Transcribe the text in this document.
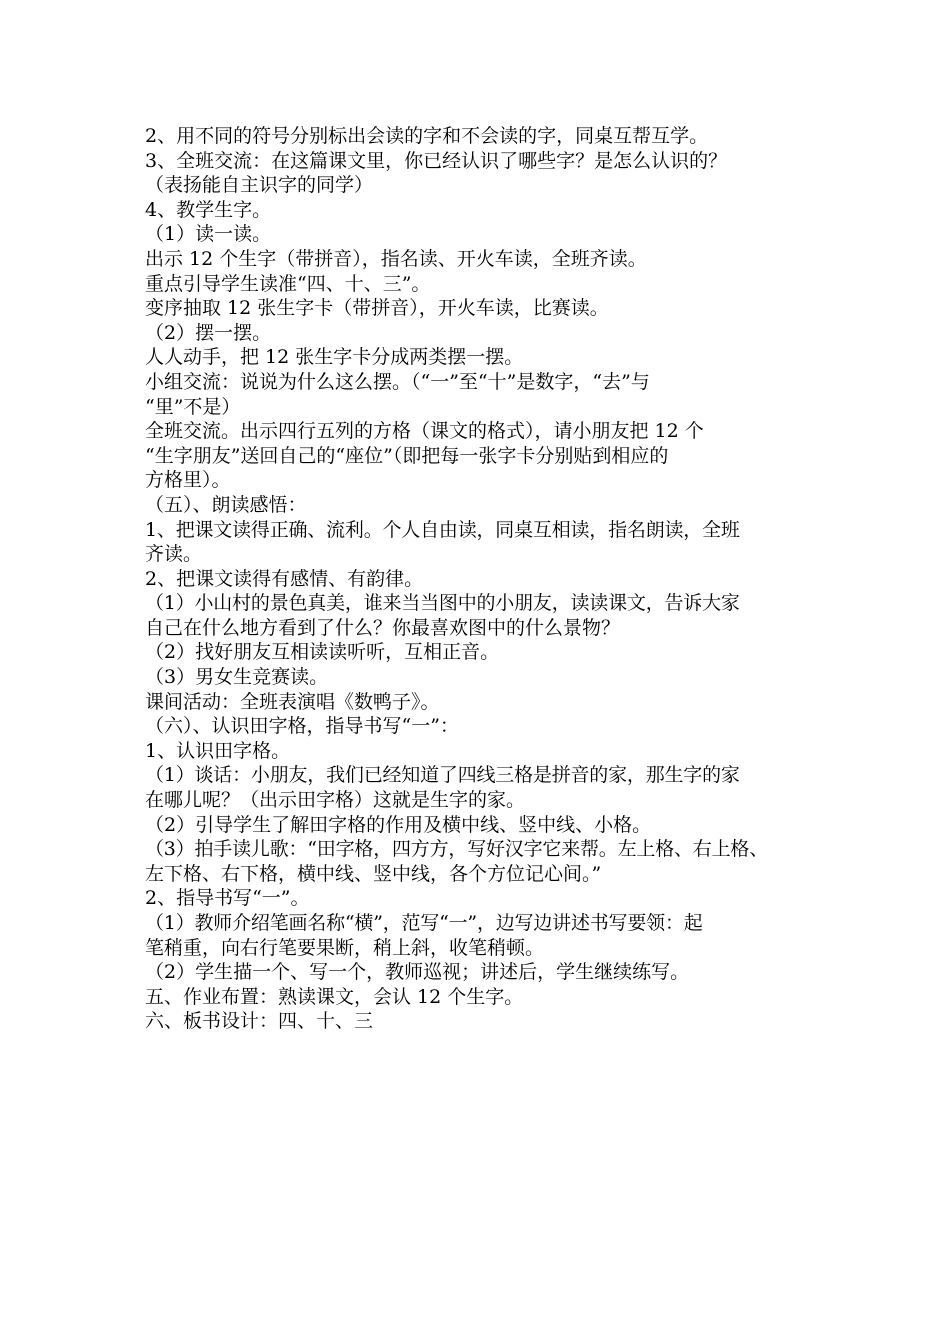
2、用不同的符号分别标出会读的字和不会读的字，同桌互帮互学。
3、全班交流：在这篇课文里，你已经认识了哪些字？是怎么认识的？
（表扬能自主识字的同学）
4、教学生字。
（1）读一读。
出示 12 个生字（带拼音），指名读、开火车读，全班齐读。
重点引导学生读准“四、十、三”。
变序抽取 12 张生字卡（带拼音），开火车读，比赛读。
（2）摆一摆。
人人动手，把 12 张生字卡分成两类摆一摆。
小组交流：说说为什么这么摆。（“一”至“十”是数字，“去”与
“里”不是）
全班交流。出示四行五列的方格（课文的格式），请小朋友把 12 个
“生字朋友”送回自己的“座位”（即把每一张字卡分别贴到相应的
方格里）。
（五）、朗读感悟：
1、把课文读得正确、流利。个人自由读，同桌互相读，指名朗读，全班
齐读。
2、把课文读得有感情、有韵律。
（1）小山村的景色真美，谁来当当图中的小朋友，读读课文，告诉大家
自己在什么地方看到了什么？你最喜欢图中的什么景物？
（2）找好朋友互相读读听听，互相正音。
（3）男女生竞赛读。
课间活动：全班表演唱《数鸭子》。
（六）、认识田字格，指导书写“一”：
1、认识田字格。
（1）谈话：小朋友，我们已经知道了四线三格是拼音的家，那生字的家
在哪儿呢？（出示田字格）这就是生字的家。
（2）引导学生了解田字格的作用及横中线、竖中线、小格。
（3）拍手读儿歌：“田字格，四方方，写好汉字它来帮。左上格、右上格、
左下格、右下格，横中线、竖中线，各个方位记心间。”
2、指导书写“一”。
（1）教师介绍笔画名称“横”，范写“一”，边写边讲述书写要领：起
笔稍重，向右行笔要果断，稍上斜，收笔稍顿。
（2）学生描一个、写一个，教师巡视；讲述后，学生继续练写。
五、作业布置：熟读课文，会认 12 个生字。
六、板书设计：四、十、三
